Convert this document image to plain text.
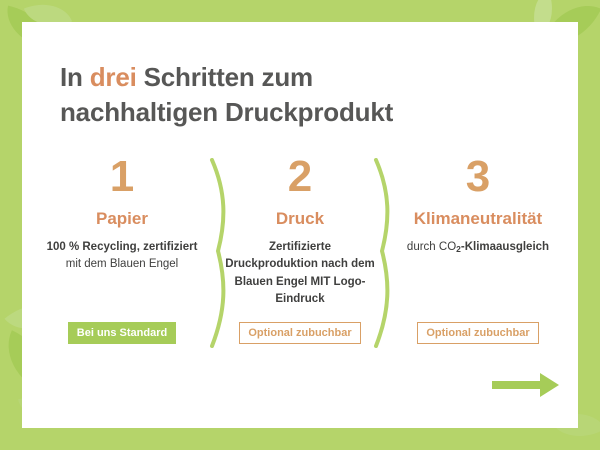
In drei Schritten zum
nachhaltigen Druckprodukt
1
Papier
100 % Recycling, zertifiziert mit dem Blauen Engel
2
Druck
Zertifizierte Druckproduktion nach dem Blauen Engel MIT Logo-Eindruck
3
Klimaneutralität
durch $CO_2$-Klimaausgleich
Bei uns Standard	Optional zubuchbar	Optional zubuchbar
